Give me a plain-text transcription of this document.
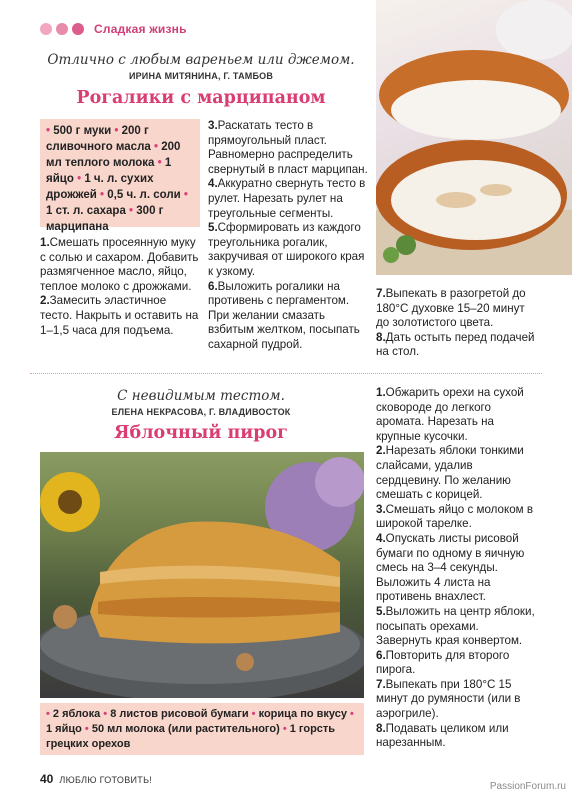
Сладкая жизнь
Отлично с любым вареньем или джемом.
ИРИНА МИТЯНИНА, Г. ТАМБОВ
Рогалики с марципаном
• 500 г муки • 200 г сливочного масла • 200 мл теплого молока • 1 яйцо • 1 ч. л. сухих дрожжей • 0,5 ч. л. соли • 1 ст. л. сахара • 300 г марципана

1.Смешать просеянную муку с солью и сахаром. Добавить размягченное масло, яйцо, теплое молоко с дрожжами.

2.Замесить эластичное тесто. Накрыть и оставить на 1–1,5 часа для подъема.

3.Раскатать тесто в прямоугольный пласт. Равномерно распределить свернутый в пласт марципан.

4.Аккуратно свернуть тесто в рулет. Нарезать рулет на треугольные сегменты.

5.Сформировать из каждого треугольника рогалик, закручивая от широкого края к узкому.

6.Выложить рогалики на противень с пергаментом. При желании смазать взбитым желтком, посыпать сахарной пудрой.

7.Выпекать в разогретой до 180°С духовке 15–20 минут до золотистого цвета.

8.Дать остыть перед подачей на стол.

С невидимым тестом.
ЕЛЕНА НЕКРАСОВА, Г. ВЛАДИВОСТОК
Яблочный пирог
• 2 яблока • 8 листов рисовой бумаги • корица по вкусу • 1 яйцо • 50 мл молока (или растительного) • 1 горсть грецких орехов

1.Обжарить орехи на сухой сковороде до легкого аромата. Нарезать на крупные кусочки.

2.Нарезать яблоки тонкими слайсами, удалив сердцевину. По желанию смешать с корицей.

3.Смешать яйцо с молоком в широкой тарелке.

4.Опускать листы рисовой бумаги по одному в яичную смесь на 3–4 секунды. Выложить 4 листа на противень внахлест.

5.Выложить на центр яблоки, посыпать орехами. Завернуть края конвертом.

6.Повторить для второго пирога.

7.Выпекать при 180°С 15 минут до румяности (или в аэрогриле).

8.Подавать целиком или нарезанным.

40 ЛЮБЛЮ ГОТОВИТЬ!
PassionForum.ru
